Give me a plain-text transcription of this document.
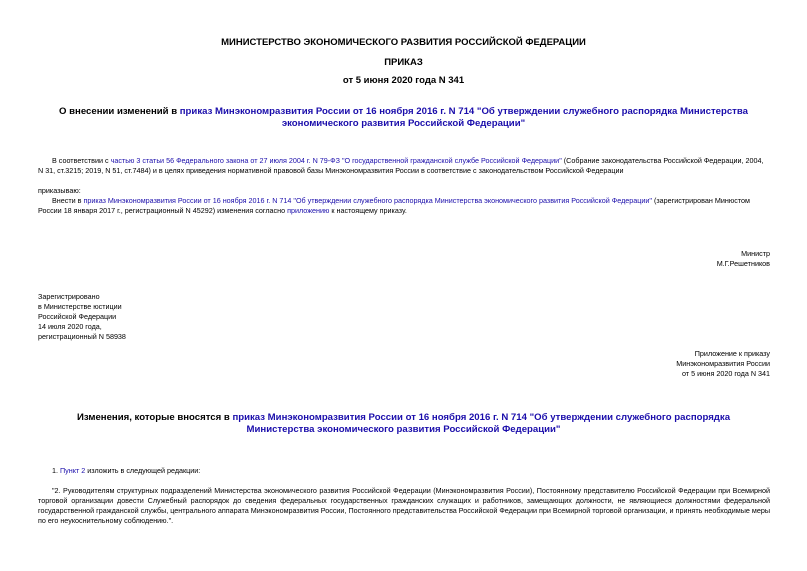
МИНИСТЕРСТВО ЭКОНОМИЧЕСКОГО РАЗВИТИЯ РОССИЙСКОЙ ФЕДЕРАЦИИ
ПРИКАЗ
от 5 июня 2020 года N 341
О внесении изменений в приказ Минэкономразвития России от 16 ноября 2016 г. N 714 "Об утверждении служебного распорядка Министерства экономического развития Российской Федерации"
В соответствии с частью 3 статьи 56 Федерального закона от 27 июля 2004 г. N 79-ФЗ "О государственной гражданской службе Российской Федерации" (Собрание законодательства Российской Федерации, 2004, N 31, ст.3215; 2019, N 51, ст.7484) и в целях приведения нормативной правовой базы Минэкономразвития России в соответствие с законодательством Российской Федерации
приказываю:
Внести в приказ Минэкономразвития России от 16 ноября 2016 г. N 714 "Об утверждении служебного распорядка Министерства экономического развития Российской Федерации" (зарегистрирован Минюстом России 18 января 2017 г., регистрационный N 45292) изменения согласно приложению к настоящему приказу.
Министр
М.Г.Решетников
Зарегистрировано
в Министерстве юстиции
Российской Федерации
14 июля 2020 года,
регистрационный N 58938
Приложение к приказу
Минэкономразвития России
от 5 июня 2020 года N 341
Изменения, которые вносятся в приказ Минэкономразвития России от 16 ноября 2016 г. N 714 "Об утверждении служебного распорядка Министерства экономического развития Российской Федерации"
1. Пункт 2 изложить в следующей редакции:
"2. Руководителям структурных подразделений Министерства экономического развития Российской Федерации (Минэкономразвития России), Постоянному представителю Российской Федерации при Всемирной торговой организации довести Служебный распорядок до сведения федеральных государственных гражданских служащих и работников, замещающих должности, не являющиеся должностями федеральной государственной гражданской службы, центрального аппарата Минэкономразвития России, Постоянного представительства Российской Федерации при Всемирной торговой организации, и принять необходимые меры по его неукоснительному соблюдению.".
